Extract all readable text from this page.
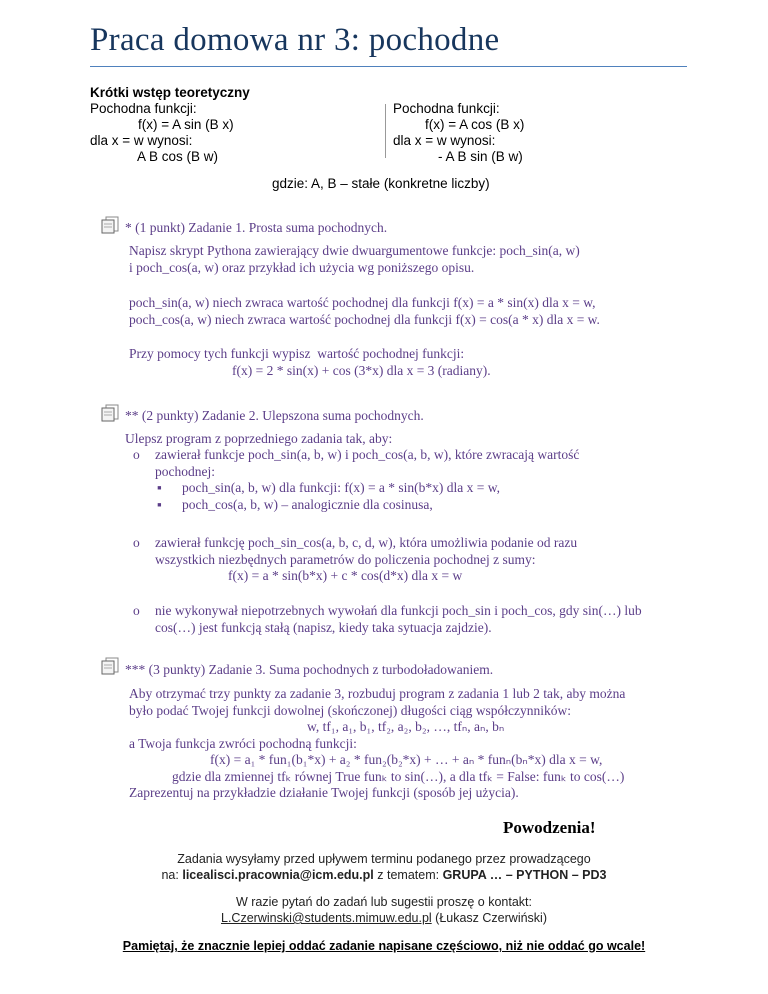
Praca domowa nr 3: pochodne
Krótki wstęp teoretyczny
Pochodna funkcji:
f(x) = A sin (B x)
dla x = w wynosi:
A B cos (B w)
Pochodna funkcji:
f(x) = A cos (B x)
dla x = w wynosi:
- A B sin (B w)
gdzie: A, B – stałe (konkretne liczby)
* (1 punkt) Zadanie 1. Prosta suma pochodnych.
Napisz skrypt Pythona zawierający dwie dwuargumentowe funkcje: poch_sin(a, w)
i poch_cos(a, w) oraz przykład ich użycia wg poniższego opisu.
poch_sin(a, w) niech zwraca wartość pochodnej dla funkcji f(x) = a * sin(x) dla x = w,
poch_cos(a, w) niech zwraca wartość pochodnej dla funkcji f(x) = cos(a * x) dla x = w.
Przy pomocy tych funkcji wypisz  wartość pochodnej funkcji:
f(x) = 2 * sin(x) + cos (3*x) dla x = 3 (radiany).
** (2 punkty) Zadanie 2. Ulepszona suma pochodnych.
Ulepsz program z poprzedniego zadania tak, aby:
o zawierał funkcje poch_sin(a, b, w) i poch_cos(a, b, w), które zwracają wartość
pochodnej:
▪ poch_sin(a, b, w) dla funkcji: f(x) = a * sin(b*x) dla x = w,
▪ poch_cos(a, b, w) – analogicznie dla cosinusa,
o zawierał funkcję poch_sin_cos(a, b, c, d, w), która umożliwia podanie od razu
wszystkich niezbędnych parametrów do policzenia pochodnej z sumy:
f(x) = a * sin(b*x) + c * cos(d*x) dla x = w
o nie wykonywał niepotrzebnych wywołań dla funkcji poch_sin i poch_cos, gdy sin(…) lub
cos(…) jest funkcją stałą (napisz, kiedy taka sytuacja zajdzie).
*** (3 punkty) Zadanie 3. Suma pochodnych z turbodoładowaniem.
Aby otrzymać trzy punkty za zadanie 3, rozbuduj program z zadania 1 lub 2 tak, aby można
było podać Twojej funkcji dowolnej (skończonej) długości ciąg współczynników:
w, tf₁, a₁, b₁, tf₂, a₂, b₂, …, tfₙ, aₙ, bₙ
a Twoja funkcja zwróci pochodną funkcji:
f(x) = a₁ * fun₁(b₁*x) + a₂ * fun₂(b₂*x) + … + aₙ * funₙ(bₙ*x) dla x = w,
gdzie dla zmiennej tfₖ równej True funₖ to sin(…), a dla tfₖ = False: funₖ to cos(…)
Zaprezentuj na przykładzie działanie Twojej funkcji (sposób jej użycia).
Powodzenia!
Zadania wysyłamy przed upływem terminu podanego przez prowadzącego
na: licealisci.pracownia@icm.edu.pl z tematem: GRUPA … – PYTHON – PD3
W razie pytań do zadań lub sugestii proszę o kontakt:
L.Czerwinski@students.mimuw.edu.pl (Łukasz Czerwiński)
Pamiętaj, że znacznie lepiej oddać zadanie napisane częściowo, niż nie oddać go wcale!
